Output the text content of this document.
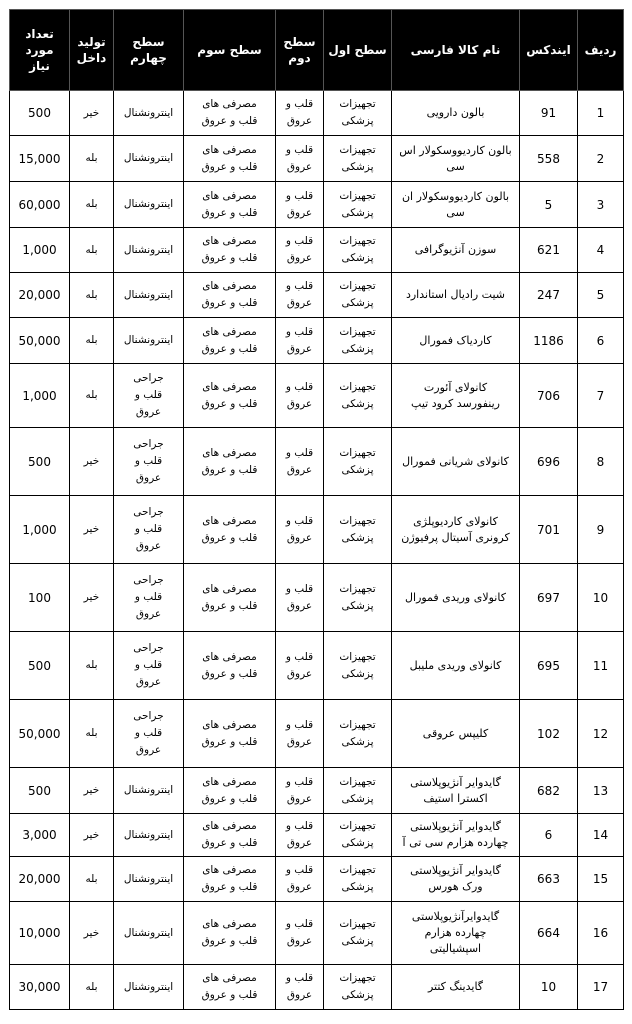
ردیف	ایندکس	نام کالا فارسی	سطح اول	سطح
دوم	سطح سوم	سطح
چهارم	تولید
داخل	تعداد
مورد
نیاز
1	91	بالون دارویی	تجهیزات
پزشکی	قلب و
عروق	مصرفی های
قلب و عروق	اینترونشنال	خیر	500
2	558	بالون کاردیووسکولار اس
سی	تجهیزات
پزشکی	قلب و
عروق	مصرفی های
قلب و عروق	اینترونشنال	بله	15,000
3	5	بالون کاردیووسکولار ان
سی	تجهیزات
پزشکی	قلب و
عروق	مصرفی های
قلب و عروق	اینترونشنال	بله	60,000
4	621	سوزن آنژیوگرافی	تجهیزات
پزشکی	قلب و
عروق	مصرفی های
قلب و عروق	اینترونشنال	بله	1,000
5	247	شیت رادیال استاندارد	تجهیزات
پزشکی	قلب و
عروق	مصرفی های
قلب و عروق	اینترونشنال	بله	20,000
6	1186	کاردیاک فمورال	تجهیزات
پزشکی	قلب و
عروق	مصرفی های
قلب و عروق	اینترونشنال	بله	50,000
7	706	کانولای آئورت
رینفورسد کرود تیپ	تجهیزات
پزشکی	قلب و
عروق	مصرفی های
قلب و عروق	جراحی
قلب و
عروق	بله	1,000
8	696	کانولای شریانی فمورال	تجهیزات
پزشکی	قلب و
عروق	مصرفی های
قلب و عروق	جراحی
قلب و
عروق	خیر	500
9	701	کانولای کاردیوپلژی
کرونری آسیتال پرفیوژن	تجهیزات
پزشکی	قلب و
عروق	مصرفی های
قلب و عروق	جراحی
قلب و
عروق	خیر	1,000
10	697	کانولای وریدی فمورال	تجهیزات
پزشکی	قلب و
عروق	مصرفی های
قلب و عروق	جراحی
قلب و
عروق	خیر	100
11	695	کانولای وریدی ملیبل	تجهیزات
پزشکی	قلب و
عروق	مصرفی های
قلب و عروق	جراحی
قلب و
عروق	بله	500
12	102	کلیپس عروقی	تجهیزات
پزشکی	قلب و
عروق	مصرفی های
قلب و عروق	جراحی
قلب و
عروق	بله	50,000
13	682	گایدوایر آنژیوپلاستی
اکسترا استیف	تجهیزات
پزشکی	قلب و
عروق	مصرفی های
قلب و عروق	اینترونشنال	خیر	500
14	6	گایدوایر آنژیوپلاستی
چهارده هزارم سی تی آ	تجهیزات
پزشکی	قلب و
عروق	مصرفی های
قلب و عروق	اینترونشنال	خیر	3,000
15	663	گایدوایر آنژیوپلاستی
ورک هورس	تجهیزات
پزشکی	قلب و
عروق	مصرفی های
قلب و عروق	اینترونشنال	بله	20,000
16	664	گایدوایرآنژیوپلاستی
چهارده هزارم
اسپشیالیتی	تجهیزات
پزشکی	قلب و
عروق	مصرفی های
قلب و عروق	اینترونشنال	خیر	10,000
17	10	گایدینگ کتتر	تجهیزات
پزشکی	قلب و
عروق	مصرفی های
قلب و عروق	اینترونشنال	بله	30,000
